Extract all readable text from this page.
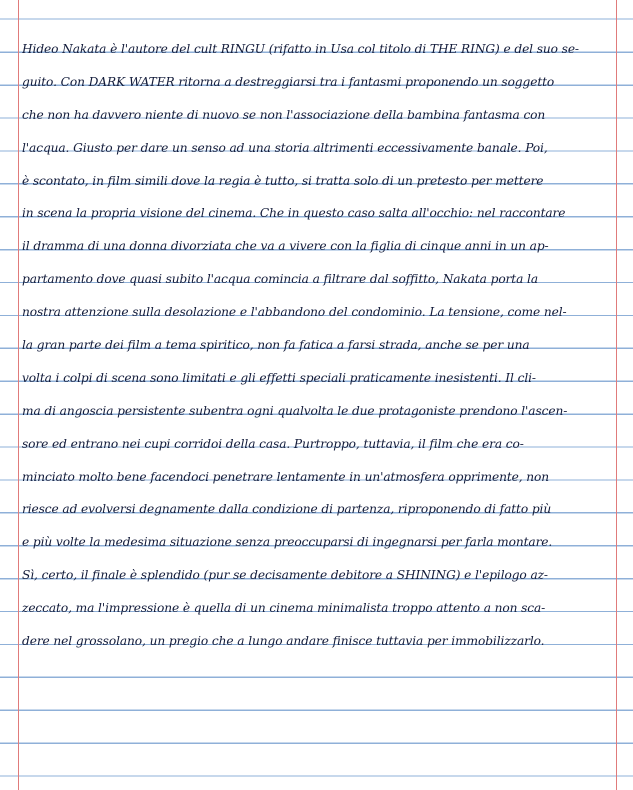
Hideo Nakata è l'autore del cult RINGU (rifatto in Usa col titolo di THE RING) e del suo se-
guito. Con DARK WATER ritorna a destreggiarsi tra i fantasmi proponendo un soggetto
che non ha davvero niente di nuovo se non l'associazione della bambina fantasma con
l'acqua. Giusto per dare un senso ad una storia altrimenti eccessivamente banale. Poi,
è scontato, in film simili dove la regia è tutto, si tratta solo di un pretesto per mettere
in scena la propria visione del cinema. Che in questo caso salta all'occhio: nel raccontare
il dramma di una donna divorziata che va a vivere con la figlia di cinque anni in un ap-
partamento dove quasi subito l'acqua comincia a filtrare dal soffitto, Nakata porta la
nostra attenzione sulla desolazione e l'abbandono del condominio. La tensione, come nel-
la gran parte dei film a tema spiritico, non fa fatica a farsi strada, anche se per una
volta i colpi di scena sono limitati e gli effetti speciali praticamente inesistenti. Il cli-
ma di angoscia persistente subentra ogni qualvolta le due protagoniste prendono l'ascen-
sore ed entrano nei cupi corridoi della casa. Purtroppo, tuttavia, il film che era co-
minciato molto bene facendoci penetrare lentamente in un'atmosfera opprimente, non
riesce ad evolversi degnamente dalla condizione di partenza, riproponendo di fatto più
e più volte la medesima situazione senza preoccuparsi di ingegnarsi per farla montare.
Sì, certo, il finale è splendido (pur se decisamente debitore a SHINING) e l'epilogo az-
zeccato, ma l'impressione è quella di un cinema minimalista troppo attento a non sca-
dere nel grossolano, un pregio che a lungo andare finisce tuttavia per immobilizzarlo.
